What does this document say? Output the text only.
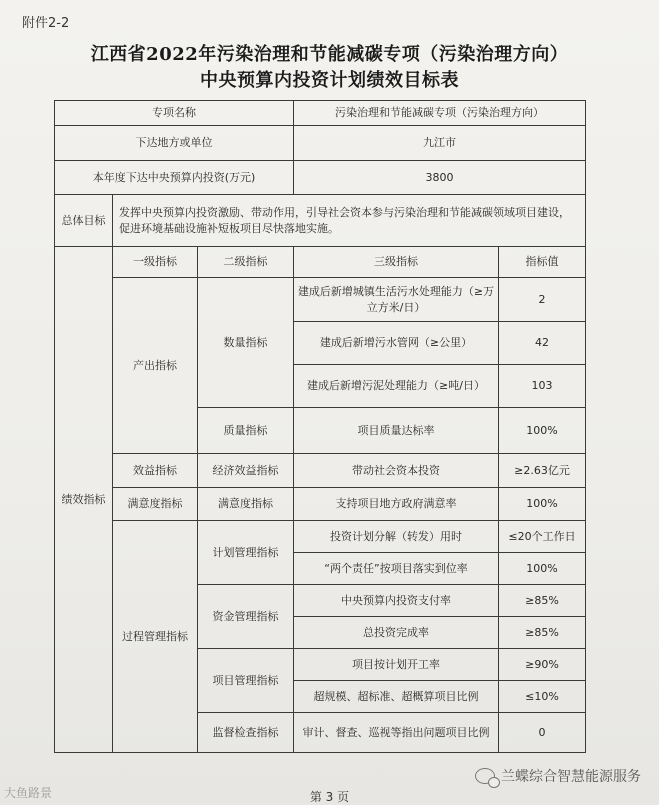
附件2-2
江西省2022年污染治理和节能减碳专项（污染治理方向）
中央预算内投资计划绩效目标表
专项名称			污染治理和节能减碳专项（污染治理方向）	
下达地方或单位			九江市	
本年度下达中央预算内投资(万元)			3800	
总体目标	发挥中央预算内投资激励、带动作用，引导社会资本参与污染治理和节能减碳领域项目建设，促进环境基础设施补短板项目尽快落地实施。			
绩效指标	一级指标	二级指标	三级指标	指标值
	产出指标	数量指标	建成后新增城镇生活污水处理能力（≥万立方米/日）	2
			建成后新增污水管网（≥公里）	42
			建成后新增污泥处理能力（≥吨/日）	103
		质量指标	项目质量达标率	100%
	效益指标	经济效益指标	带动社会资本投资	≥2.63亿元
	满意度指标	满意度指标	支持项目地方政府满意率	100%
	过程管理指标	计划管理指标	投资计划分解（转发）用时	≤20个工作日
			“两个责任”按项目落实到位率	100%
		资金管理指标	中央预算内投资支付率	≥85%
			总投资完成率	≥85%
		项目管理指标	项目按计划开工率	≥90%
			超规模、超标准、超概算项目比例	≤10%
		监督检查指标	审计、督查、巡视等指出问题项目比例	0
兰蝶综合智慧能源服务
大鱼路景	第 3 页
